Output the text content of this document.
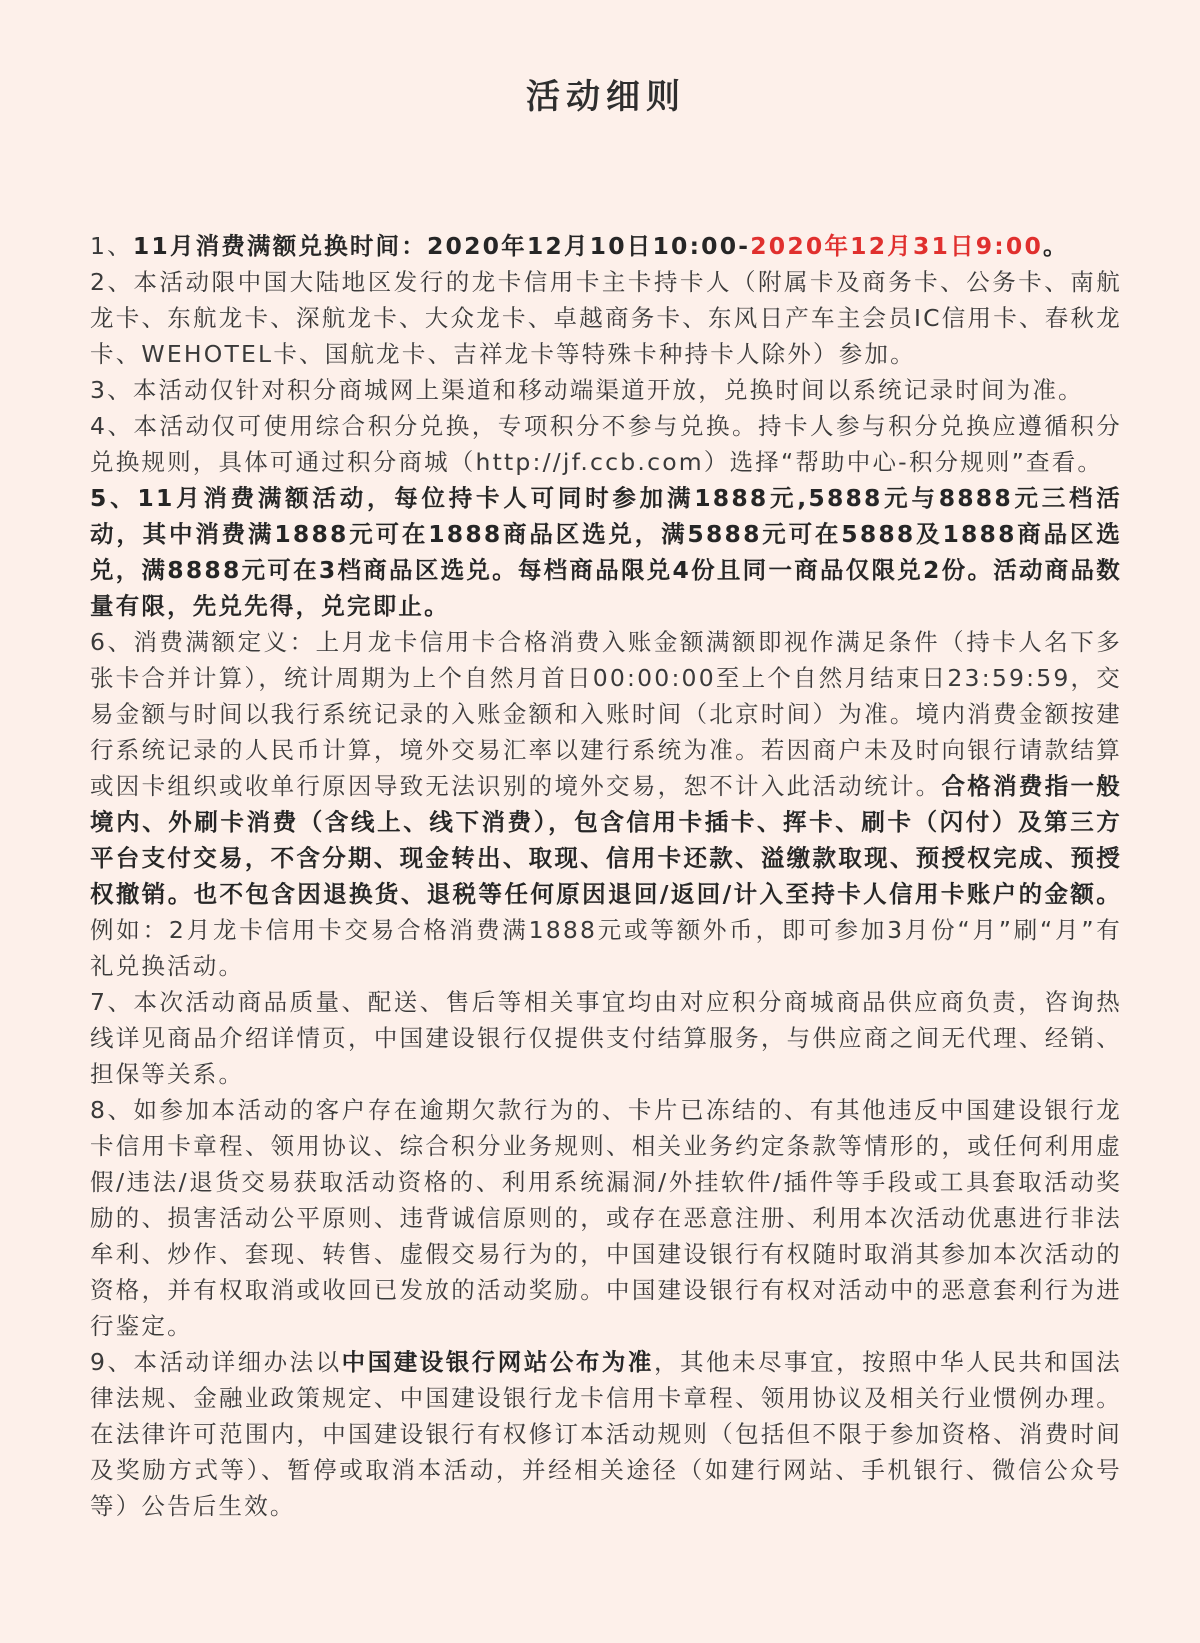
活动细则

1、11月消费满额兑换时间：2020年12月10日10:00-2020年12月31日9:00。

2、本活动限中国大陆地区发行的龙卡信用卡主卡持卡人（附属卡及商务卡、公务卡、南航龙卡、东航龙卡、深航龙卡、大众龙卡、卓越商务卡、东风日产车主会员IC信用卡、春秋龙卡、WEHOTEL卡、国航龙卡、吉祥龙卡等特殊卡种持卡人除外）参加。

3、本活动仅针对积分商城网上渠道和移动端渠道开放，兑换时间以系统记录时间为准。

4、本活动仅可使用综合积分兑换，专项积分不参与兑换。持卡人参与积分兑换应遵循积分兑换规则，具体可通过积分商城（http://jf.ccb.com）选择“帮助中心-积分规则”查看。

5、11月消费满额活动，每位持卡人可同时参加满1888元,5888元与8888元三档活动，其中消费满1888元可在1888商品区选兑，满5888元可在5888及1888商品区选兑，满8888元可在3档商品区选兑。每档商品限兑4份且同一商品仅限兑2份。活动商品数量有限，先兑先得，兑完即止。

6、消费满额定义：上月龙卡信用卡合格消费入账金额满额即视作满足条件（持卡人名下多张卡合并计算），统计周期为上个自然月首日00:00:00至上个自然月结束日23:59:59，交易金额与时间以我行系统记录的入账金额和入账时间（北京时间）为准。境内消费金额按建行系统记录的人民币计算，境外交易汇率以建行系统为准。若因商户未及时向银行请款结算或因卡组织或收单行原因导致无法识别的境外交易，恕不计入此活动统计。合格消费指一般境内、外刷卡消费（含线上、线下消费），包含信用卡插卡、挥卡、刷卡（闪付）及第三方平台支付交易，不含分期、现金转出、取现、信用卡还款、溢缴款取现、预授权完成、预授权撤销。也不包含因退换货、退税等任何原因退回/返回/计入至持卡人信用卡账户的金额。例如：2月龙卡信用卡交易合格消费满1888元或等额外币，即可参加3月份“月”刷“月”有礼兑换活动。

7、本次活动商品质量、配送、售后等相关事宜均由对应积分商城商品供应商负责，咨询热线详见商品介绍详情页，中国建设银行仅提供支付结算服务，与供应商之间无代理、经销、担保等关系。

8、如参加本活动的客户存在逾期欠款行为的、卡片已冻结的、有其他违反中国建设银行龙卡信用卡章程、领用协议、综合积分业务规则、相关业务约定条款等情形的，或任何利用虚假/违法/退货交易获取活动资格的、利用系统漏洞/外挂软件/插件等手段或工具套取活动奖励的、损害活动公平原则、违背诚信原则的，或存在恶意注册、利用本次活动优惠进行非法牟利、炒作、套现、转售、虚假交易行为的，中国建设银行有权随时取消其参加本次活动的资格，并有权取消或收回已发放的活动奖励。中国建设银行有权对活动中的恶意套利行为进行鉴定。

9、本活动详细办法以中国建设银行网站公布为准，其他未尽事宜，按照中华人民共和国法律法规、金融业政策规定、中国建设银行龙卡信用卡章程、领用协议及相关行业惯例办理。在法律许可范围内，中国建设银行有权修订本活动规则（包括但不限于参加资格、消费时间及奖励方式等）、暂停或取消本活动，并经相关途径（如建行网站、手机银行、微信公众号等）公告后生效。
